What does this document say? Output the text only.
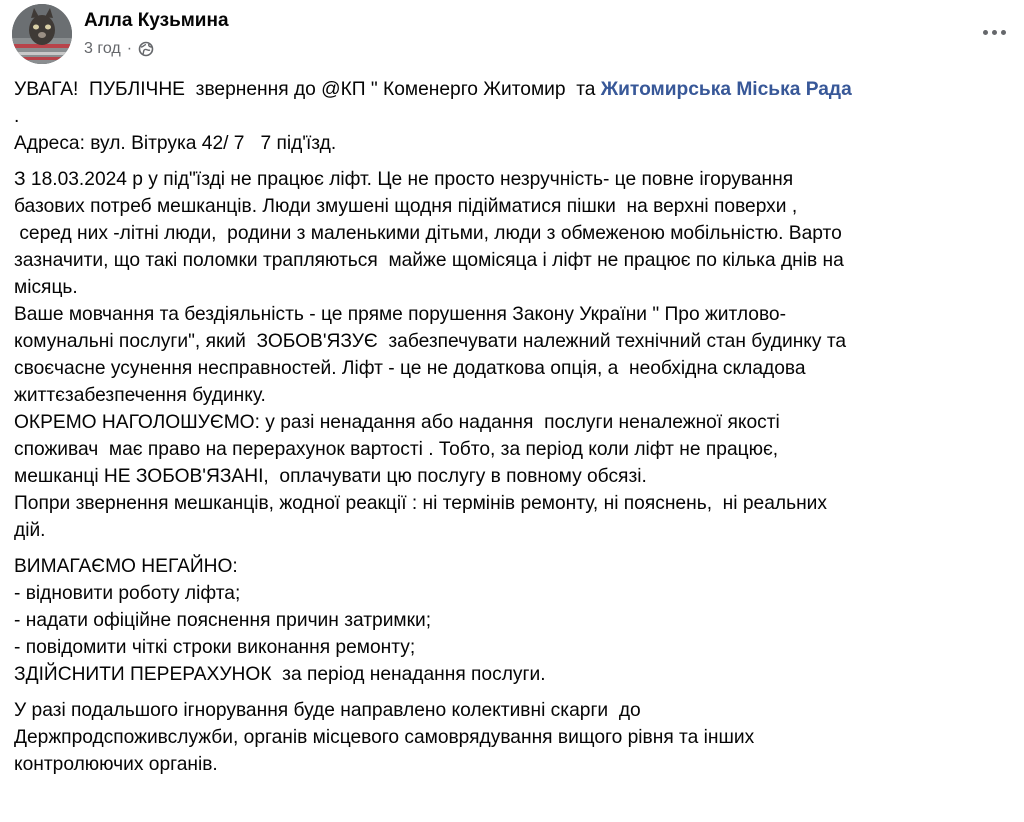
Алла Кузьмина
3 год ·
УВАГА!  ПУБЛІЧНЕ  звернення до @КП " Коменерго Житомир  та Житомирська Міська Рада
.
Адреса: вул. Вітрука 42/ 7   7 під'їзд.
З 18.03.2024 р у під"їзді не працює ліфт. Це не просто незручність- це повне ігорування
базових потреб мешканців. Люди змушені щодня підійматися пішки  на верхні поверхи ,
серед них -літні люди,  родини з маленькими дітьми, люди з обмеженою мобільністю. Варто
зазначити, що такі поломки трапляються  майже щомісяца і ліфт не працює по кілька днів на
місяць.
Ваше мовчання та бездіяльність - це пряме порушення Закону України " Про житлово-
комунальні послуги", який  ЗОБОВ'ЯЗУЄ  забезпечувати належний технічний стан будинку та
своєчасне усунення несправностей. Ліфт - це не додаткова опція, а  необхідна складова
життєзабезпечення будинку.
ОКРЕМО НАГОЛОШУЄМО: у разі ненадання або надання  послуги неналежної якості
споживач  має право на перерахунок вартості . Тобто, за період коли ліфт не працює,
мешканці НЕ ЗОБОВ'ЯЗАНІ,  оплачувати цю послугу в повному обсязі.
Попри звернення мешканців, жодної реакції : ні термінів ремонту, ні пояснень,  ні реальних
дій.
ВИМАГАЄМО НЕГАЙНО:
- відновити роботу ліфта;
- надати офіційне пояснення причин затримки;
- повідомити чіткі строки виконання ремонту;
ЗДІЙСНИТИ ПЕРЕРАХУНОК  за період ненадання послуги.
У разі подальшого ігнорування буде направлено колективні скарги  до
Держпродспоживслужби, органів місцевого самоврядування вищого рівня та інших
контролюючих органів.
